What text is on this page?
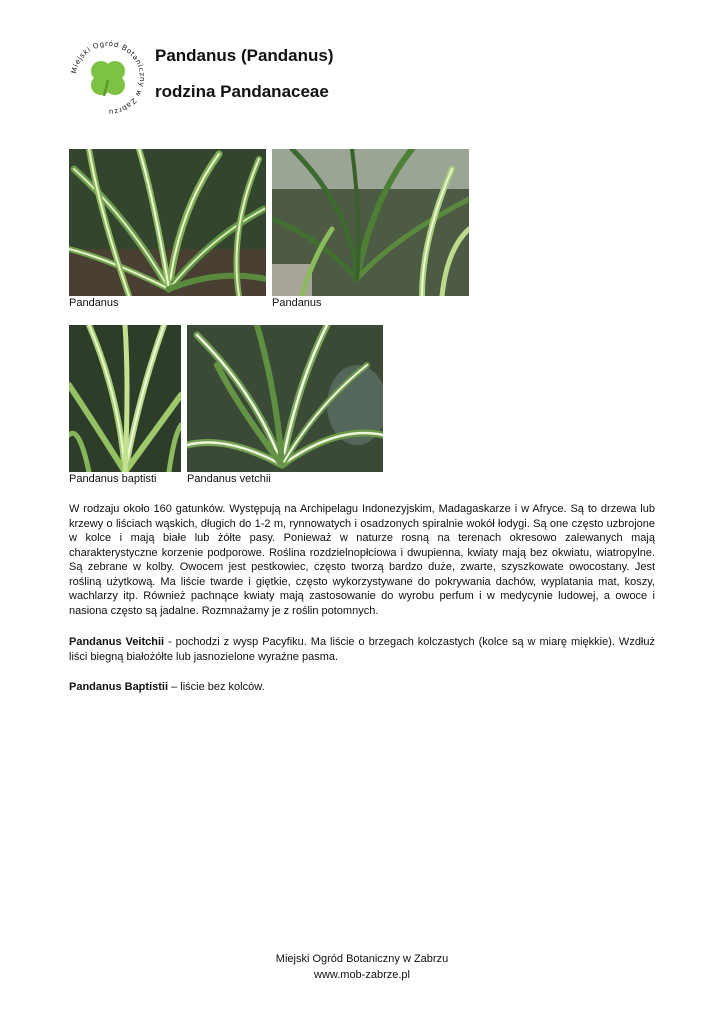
Miejski Ogród Botaniczny w Zabrzu
Pandanus (Pandanus)
rodzina Pandanaceae
Pandanus	Pandanus
Pandanus baptisti	Pandanus vetchii
W rodzaju około 160 gatunków. Występują na Archipelagu Indonezyjskim, Madagaskarze i w Afryce. Są to drzewa lub krzewy o liściach wąskich, długich do 1-2 m, rynnowatych i osadzonych spiralnie wokół łodygi. Są one często uzbrojone w kolce i mają białe lub żółte pasy. Ponieważ w naturze rosną na terenach okresowo zalewanych mają charakterystyczne korzenie podporowe. Roślina rozdzielnopłciowa i dwupienna, kwiaty mają bez okwiatu, wiatropylne. Są zebrane w kolby. Owocem jest pestkowiec, często tworzą bardzo duże, zwarte, szyszkowate owocostany. Jest rośliną użytkową. Ma liście twarde i giętkie, często wykorzystywane do pokrywania dachów, wyplatania mat, koszy, wachlarzy itp. Również pachnące kwiaty mają zastosowanie do wyrobu perfum i w medycynie ludowej, a owoce i nasiona często są jadalne. Rozmnażamy je z roślin potomnych.
Pandanus Veitchii - pochodzi z wysp Pacyfiku. Ma liście o brzegach kolczastych (kolce są w miarę miękkie). Wzdłuż liści biegną białożółte lub jasnozielone wyraźne pasma.
Pandanus Baptistii – liście bez kolców.
Miejski Ogród Botaniczny w Zabrzu
www.mob-zabrze.pl
